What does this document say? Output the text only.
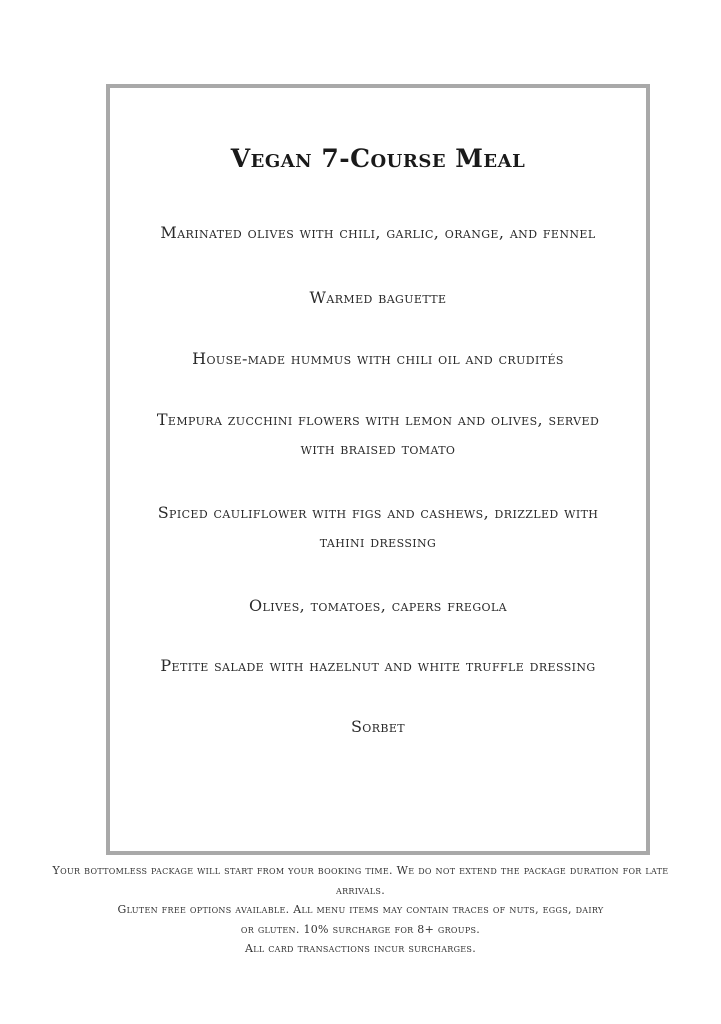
Vegan 7-Course Meal
Marinated olives with chili, garlic, orange, and fennel
Warmed baguette
House-made hummus with chili oil and crudités
Tempura zucchini flowers with lemon and olives, served with braised tomato
Spiced cauliflower with figs and cashews, drizzled with tahini dressing
Olives, tomatoes, capers fregola
Petite salade with hazelnut and white truffle dressing
Sorbet
Your bottomless package will start from your booking time. We do not extend the package duration for late arrivals.
Gluten free options available. All menu items may contain traces of nuts, eggs, dairy or gluten. 10% surcharge for 8+ groups.
All card transactions incur surcharges.
